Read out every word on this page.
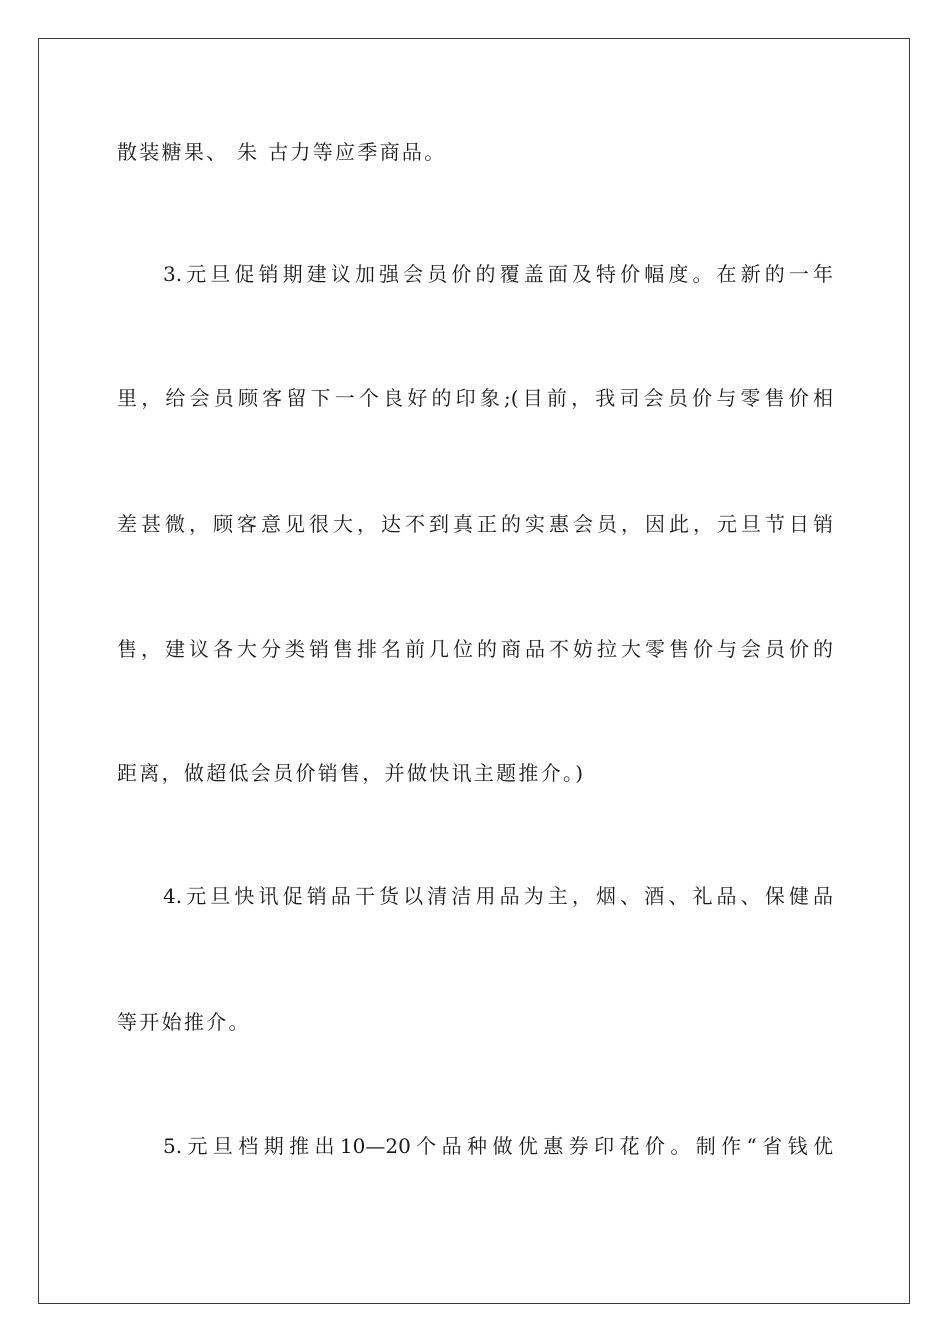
散装糖果、 朱 古力等应季商品。
3.元旦促销期建议加强会员价的覆盖面及特价幅度。在新的一年
里，给会员顾客留下一个良好的印象;(目前，我司会员价与零售价相
差甚微，顾客意见很大，达不到真正的实惠会员，因此，元旦节日销
售，建议各大分类销售排名前几位的商品不妨拉大零售价与会员价的
距离，做超低会员价销售，并做快讯主题推介。)
4.元旦快讯促销品干货以清洁用品为主，烟、酒、礼品、保健品
等开始推介。
5.元旦档期推出10—20个品种做优惠券印花价。制作“省钱优
